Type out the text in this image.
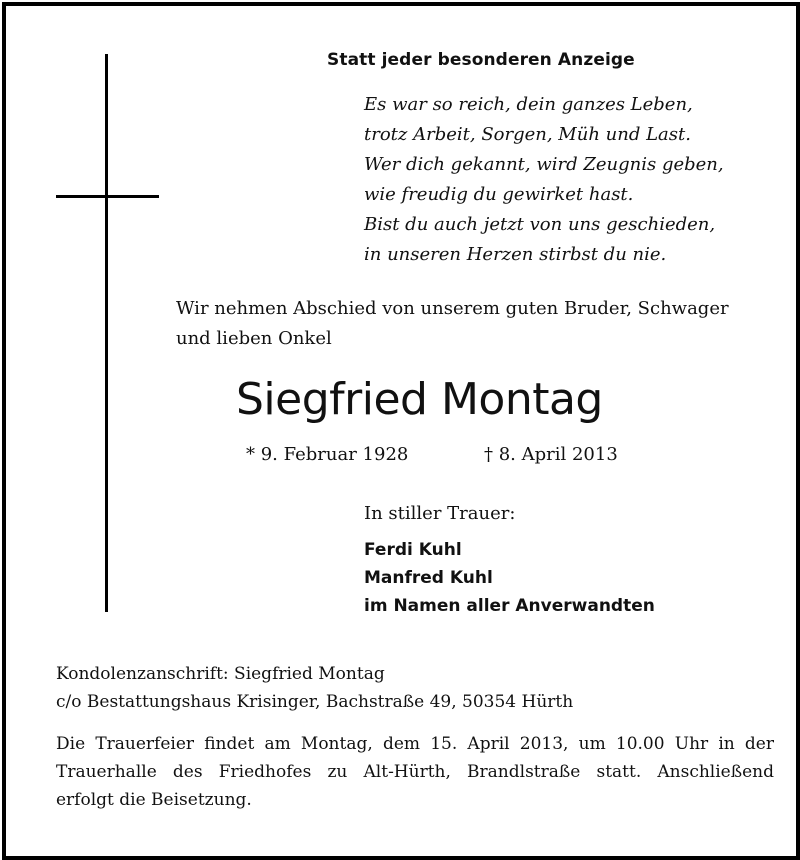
Statt jeder besonderen Anzeige
Es war so reich, dein ganzes Leben,
trotz Arbeit, Sorgen, Müh und Last.
Wer dich gekannt, wird Zeugnis geben,
wie freudig du gewirket hast.
Bist du auch jetzt von uns geschieden,
in unseren Herzen stirbst du nie.
Wir nehmen Abschied von unserem guten Bruder, Schwager
und lieben Onkel
Siegfried Montag
* 9. Februar 1928	† 8. April 2013
In stiller Trauer:
Ferdi Kuhl
Manfred Kuhl
im Namen aller Anverwandten
Kondolenzanschrift: Siegfried Montag
c/o Bestattungshaus Krisinger, Bachstraße 49, 50354 Hürth
Die Trauerfeier findet am Montag, dem 15. April 2013, um 10.00 Uhr in der
Trauerhalle des Friedhofes zu Alt-Hürth, Brandlstraße statt. Anschließend
erfolgt die Beisetzung.
